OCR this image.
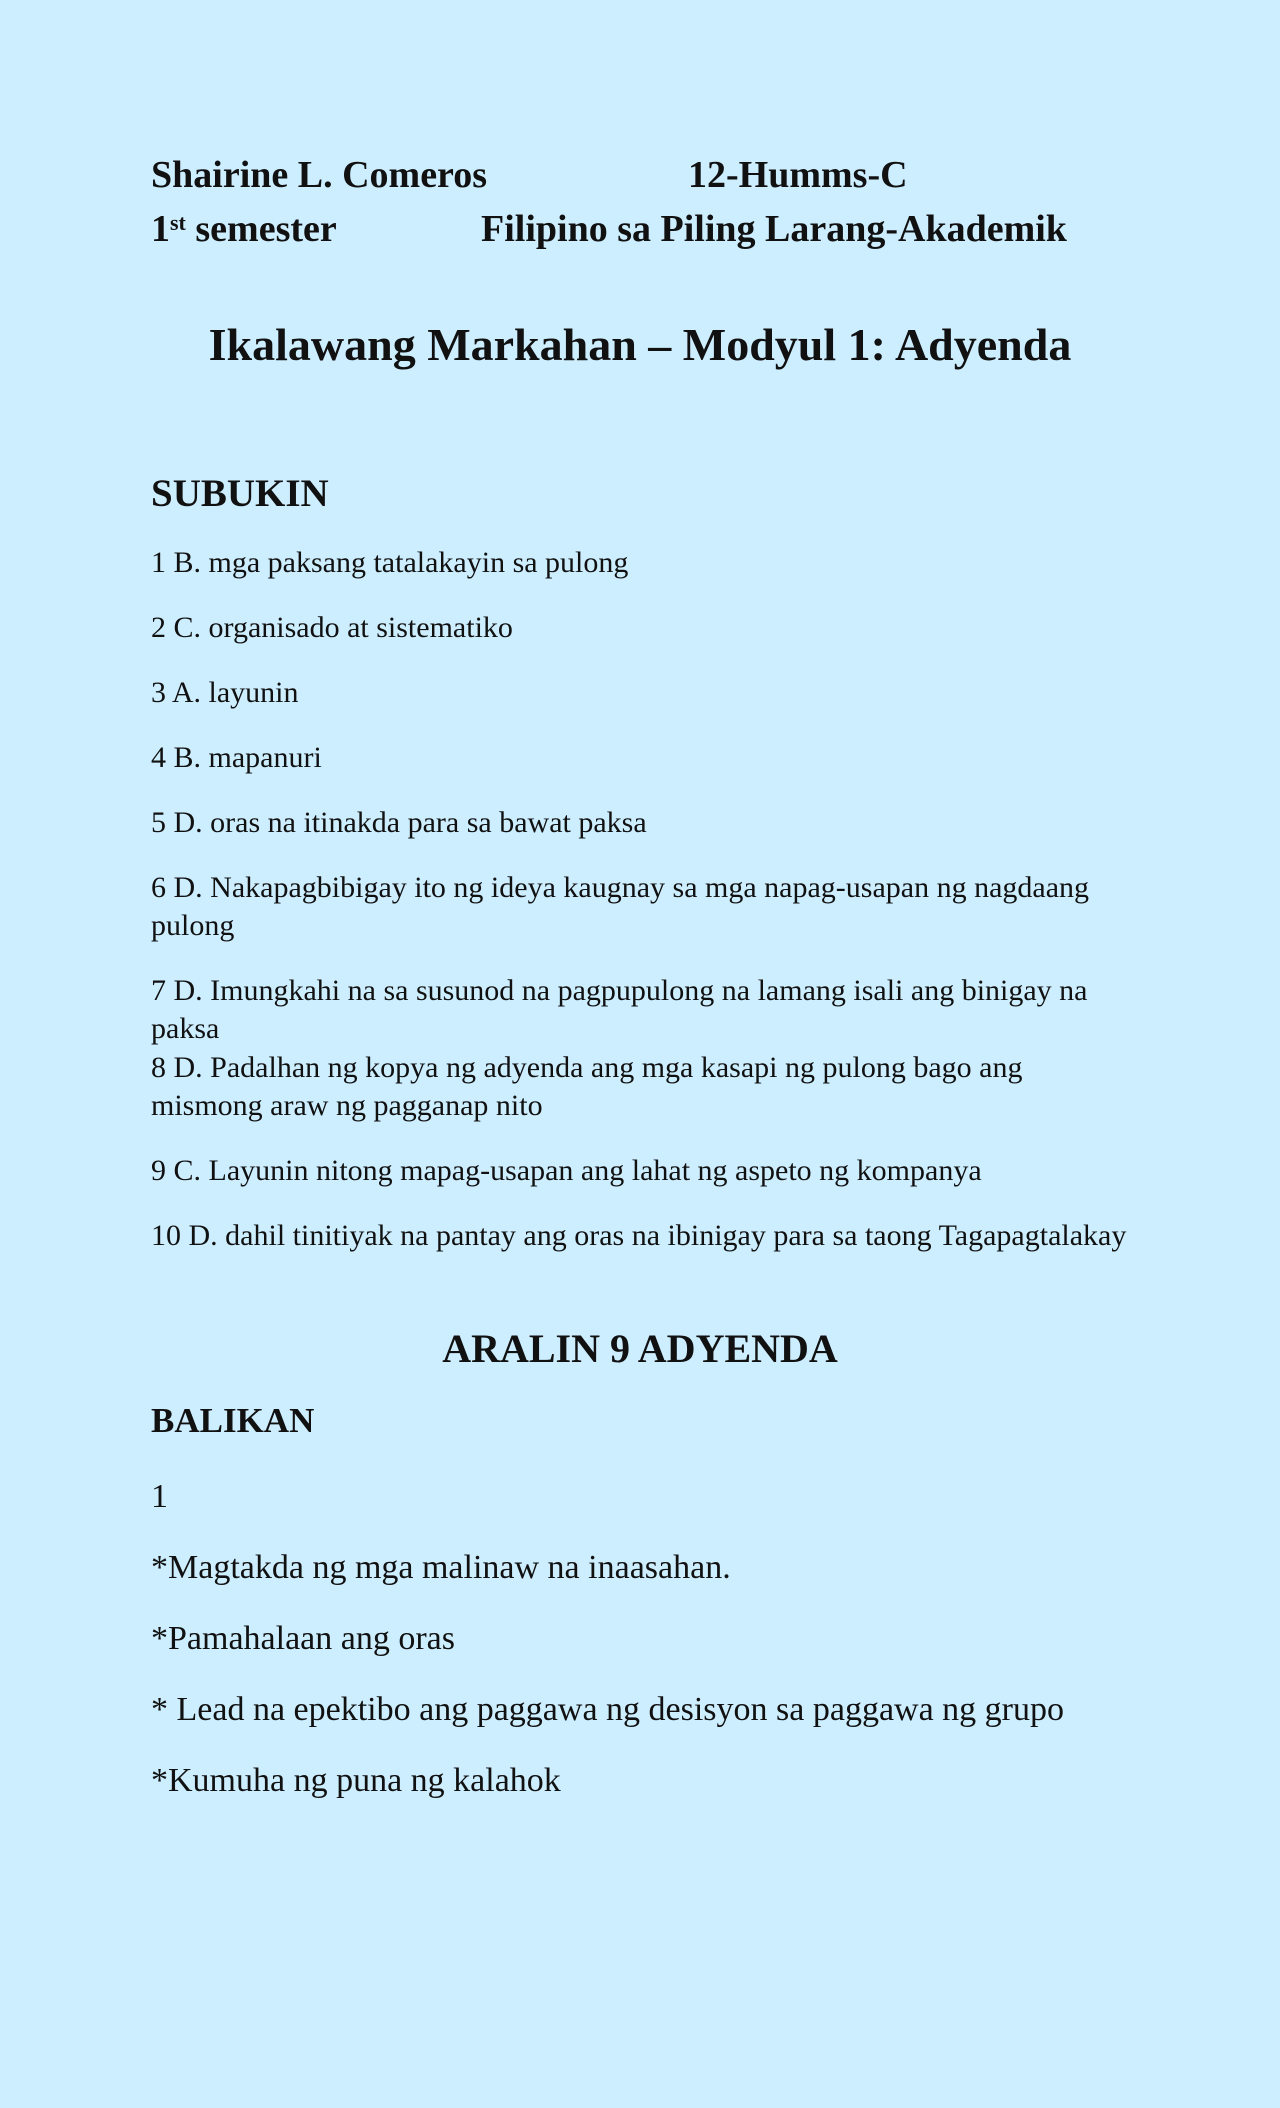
Shairine L. Comeros	12-Humms-C
1st semester	Filipino sa Piling Larang-Akademik
Ikalawang Markahan – Modyul 1: Adyenda
SUBUKIN

1 B. mga paksang tatalakayin sa pulong

2 C. organisado at sistematiko

3 A. layunin

4 B. mapanuri

5 D. oras na itinakda para sa bawat paksa

6 D. Nakapagbibigay ito ng ideya kaugnay sa mga napag-usapan ng nagdaang pulong

7 D. Imungkahi na sa susunod na pagpupulong na lamang isali ang binigay na paksa

8 D. Padalhan ng kopya ng adyenda ang mga kasapi ng pulong bago ang mismong araw ng pagganap nito

9 C. Layunin nitong mapag-usapan ang lahat ng aspeto ng kompanya

10 D. dahil tinitiyak na pantay ang oras na ibinigay para sa taong Tagapagtalakay

ARALIN 9 ADYENDA
BALIKAN

1

*Magtakda ng mga malinaw na inaasahan.

*Pamahalaan ang oras

* Lead na epektibo ang paggawa ng desisyon sa paggawa ng grupo

*Kumuha ng puna ng kalahok
